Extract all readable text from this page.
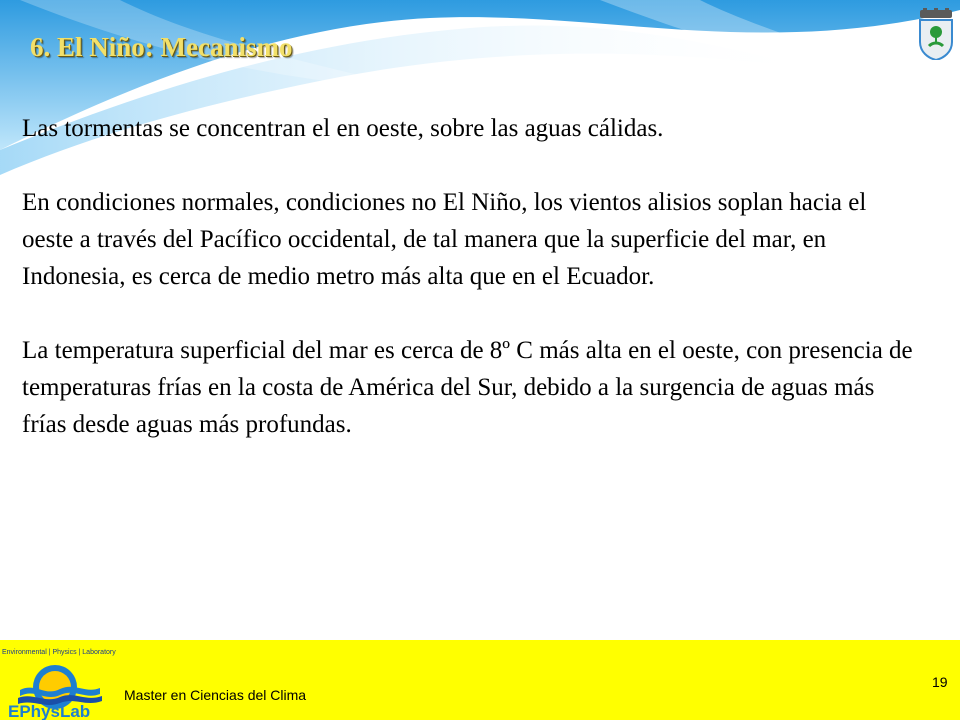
6. El Niño: Mecanismo

Las tormentas se concentran el en oeste, sobre las aguas cálidas.

En condiciones normales, condiciones no El Niño, los vientos alisios soplan hacia el oeste a través del Pacífico occidental, de tal manera que la superficie del mar, en Indonesia, es cerca de medio metro más alta que en el Ecuador.

La temperatura superficial del mar es cerca de 8º C más alta en el oeste, con presencia de temperaturas frías en la costa de América del Sur, debido a la surgencia de aguas más frías desde aguas más profundas.

Environmental | Physics | Laboratory
EPhysLab
Master en Ciencias del Clima
19
